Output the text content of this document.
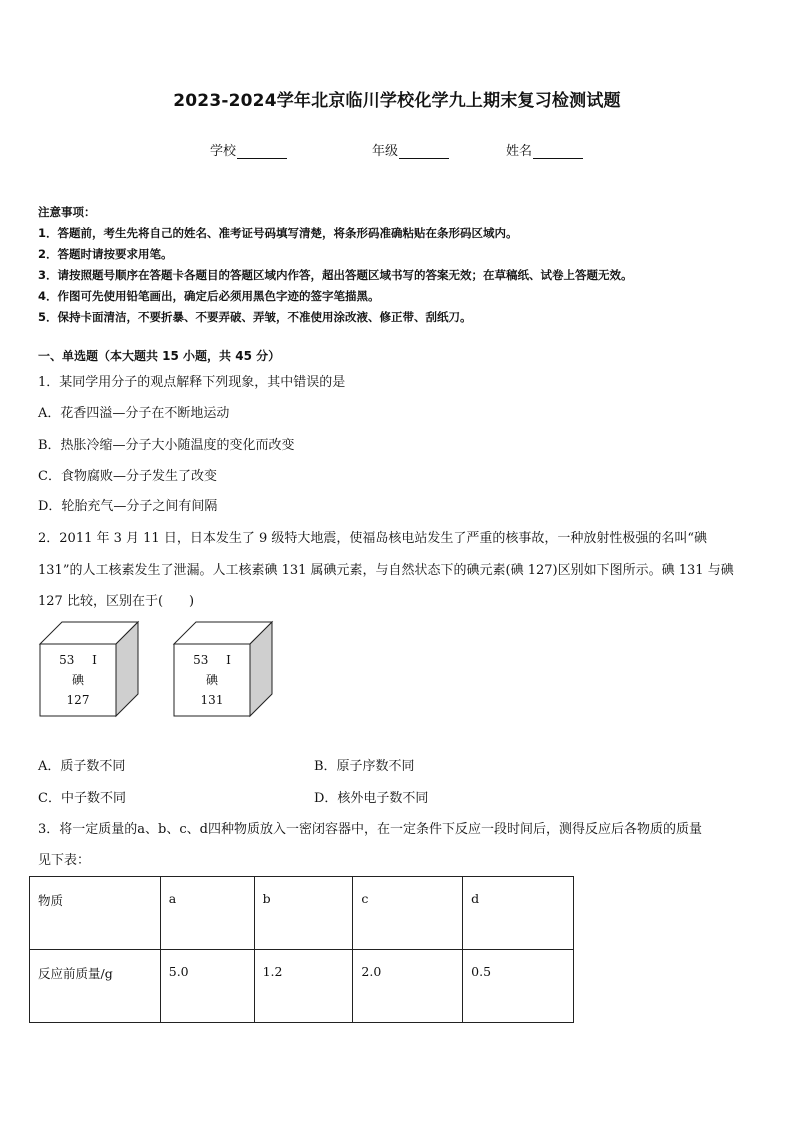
2023-2024学年北京临川学校化学九上期末复习检测试题
学校	年级	姓名
注意事项：
1．答题前，考生先将自己的姓名、准考证号码填写清楚，将条形码准确粘贴在条形码区域内。
2．答题时请按要求用笔。
3．请按照题号顺序在答题卡各题目的答题区域内作答，超出答题区域书写的答案无效；在草稿纸、试卷上答题无效。
4．作图可先使用铅笔画出，确定后必须用黑色字迹的签字笔描黑。
5．保持卡面清洁，不要折暴、不要弄破、弄皱，不准使用涂改液、修正带、刮纸刀。
一、单选题（本大题共 15 小题，共 45 分）
1．某同学用分子的观点解释下列现象，其中错误的是
A．花香四溢—分子在不断地运动
B．热胀冷缩—分子大小随温度的变化而改变
C．食物腐败—分子发生了改变
D．轮胎充气—分子之间有间隔
2．2011 年 3 月 11 日，日本发生了 9 级特大地震，使福岛核电站发生了严重的核事故，一种放射性极强的名叫“碘
131”的人工核素发生了泄漏。人工核素碘 131 属碘元素，与自然状态下的碘元素(碘 127)区别如下图所示。碘 131 与碘
127 比较，区别在于(　　)
53 I
碘
127
53 I
碘
131
A．质子数不同	B．原子序数不同
C．中子数不同	D．核外电子数不同
3．将一定质量的a、b、c、d四种物质放入一密闭容器中，在一定条件下反应一段时间后，测得反应后各物质的质量
见下表：
物质	a	b	c	d
反应前质量/g	5.0	1.2	2.0	0.5
